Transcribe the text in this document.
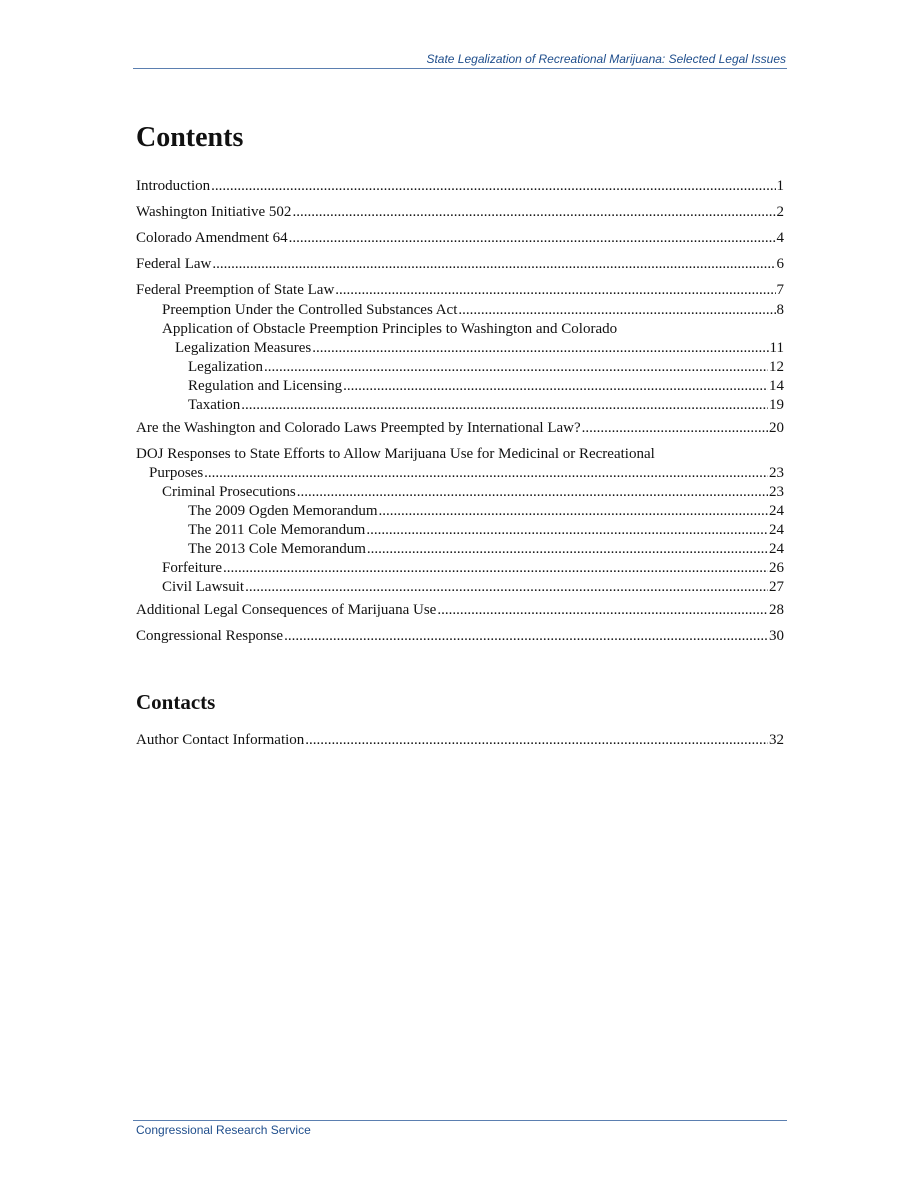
State Legalization of Recreational Marijuana: Selected Legal Issues
Contents
Introduction .....	1
Washington Initiative 502 .....	2
Colorado Amendment 64 .....	4
Federal Law .....	6
Federal Preemption of State Law .....	7
Preemption Under the Controlled Substances Act .....	8
Application of Obstacle Preemption Principles to Washington and Colorado
Legalization Measures .....	11
Legalization .....	12
Regulation and Licensing .....	14
Taxation .....	19
Are the Washington and Colorado Laws Preempted by International Law? .....	20
DOJ Responses to State Efforts to Allow Marijuana Use for Medicinal or Recreational
Purposes .....	23
Criminal Prosecutions .....	23
The 2009 Ogden Memorandum .....	24
The 2011 Cole Memorandum .....	24
The 2013 Cole Memorandum .....	24
Forfeiture .....	26
Civil Lawsuit .....	27
Additional Legal Consequences of Marijuana Use .....	28
Congressional Response .....	30
Contacts
Author Contact Information .....	32
Congressional Research Service
